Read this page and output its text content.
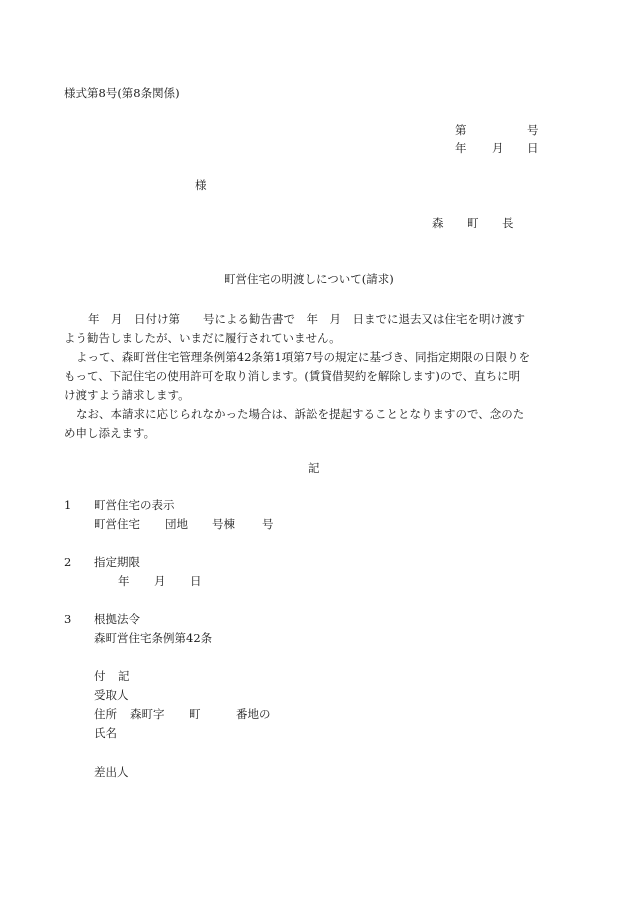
様式第8号(第8条関係)
第	号
年 月 日
様
森 町 長
町営住宅の明渡しについて(請求)
年　月　日付け第　　号による勧告書で　年　月　日までに退去又は住宅を明け渡す
よう勧告しましたが、いまだに履行されていません。
よって、森町営住宅管理条例第42条第1項第7号の規定に基づき、同指定期限の日限りを
もって、下記住宅の使用許可を取り消します。(賃貸借契約を解除します)ので、直ちに明
け渡すよう請求します。
なお、本請求に応じられなかった場合は、訴訟を提起することとなりますので、念のた
め申し添えます。
記
1 町営住宅の表示
町営住宅 団地 号棟 号
2 指定期限
年 月 日
3 根拠法令
森町営住宅条例第42条
付 記
受取人
住所 森町字 町	番地の
氏名
差出人
